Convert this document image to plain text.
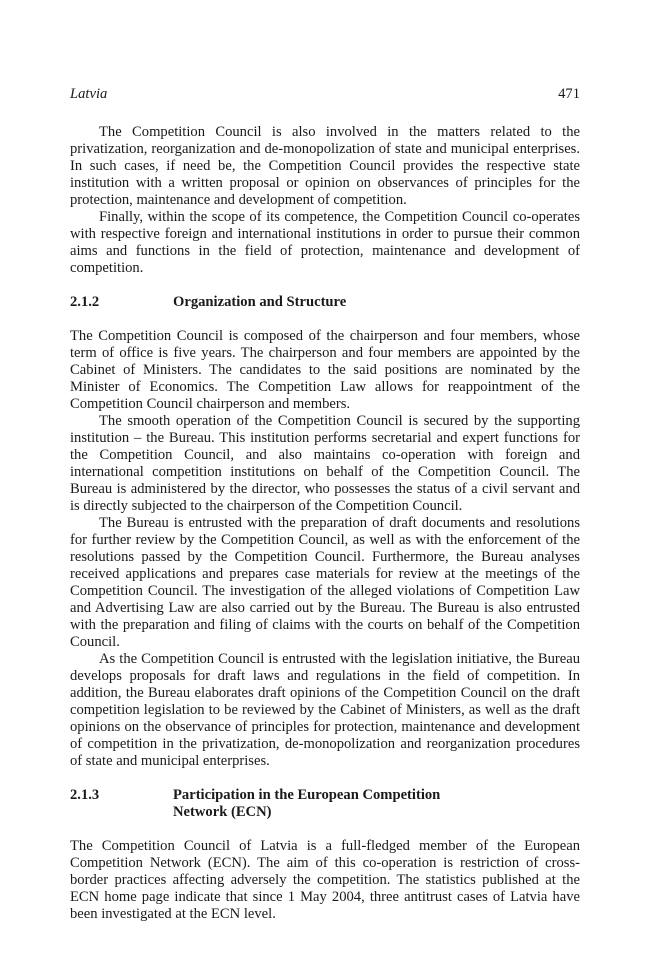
Latvia	471

The Competition Council is also involved in the matters related to the privatization, reorganization and de-monopolization of state and municipal enterprises. In such cases, if need be, the Competition Council provides the respective state institution with a written proposal or opinion on observances of principles for the protection, maintenance and development of competition.

Finally, within the scope of its competence, the Competition Council co-operates with respective foreign and international institutions in order to pursue their common aims and functions in the field of protection, maintenance and development of competition.

2.1.2	Organization and Structure

The Competition Council is composed of the chairperson and four members, whose term of office is five years. The chairperson and four members are appointed by the Cabinet of Ministers. The candidates to the said positions are nominated by the Minister of Economics. The Competition Law allows for reappointment of the Competition Council chairperson and members.

The smooth operation of the Competition Council is secured by the supporting institution – the Bureau. This institution performs secretarial and expert functions for the Competition Council, and also maintains co-operation with foreign and international competition institutions on behalf of the Competition Council. The Bureau is administered by the director, who possesses the status of a civil servant and is directly subjected to the chairperson of the Competition Council.

The Bureau is entrusted with the preparation of draft documents and resolutions for further review by the Competition Council, as well as with the enforcement of the resolutions passed by the Competition Council. Furthermore, the Bureau analyses received applications and prepares case materials for review at the meetings of the Competition Council. The investigation of the alleged violations of Competition Law and Advertising Law are also carried out by the Bureau. The Bureau is also entrusted with the preparation and filing of claims with the courts on behalf of the Competition Council.

As the Competition Council is entrusted with the legislation initiative, the Bureau develops proposals for draft laws and regulations in the field of competition. In addition, the Bureau elaborates draft opinions of the Competition Council on the draft competition legislation to be reviewed by the Cabinet of Ministers, as well as the draft opinions on the observance of principles for protection, maintenance and development of competition in the privatization, de-monopolization and reorganization procedures of state and municipal enterprises.

2.1.3	Participation in the European Competition
Network (ECN)

The Competition Council of Latvia is a full-fledged member of the European Competition Network (ECN). The aim of this co-operation is restriction of cross-border practices affecting adversely the competition. The statistics published at the ECN home page indicate that since 1 May 2004, three antitrust cases of Latvia have been investigated at the ECN level.
